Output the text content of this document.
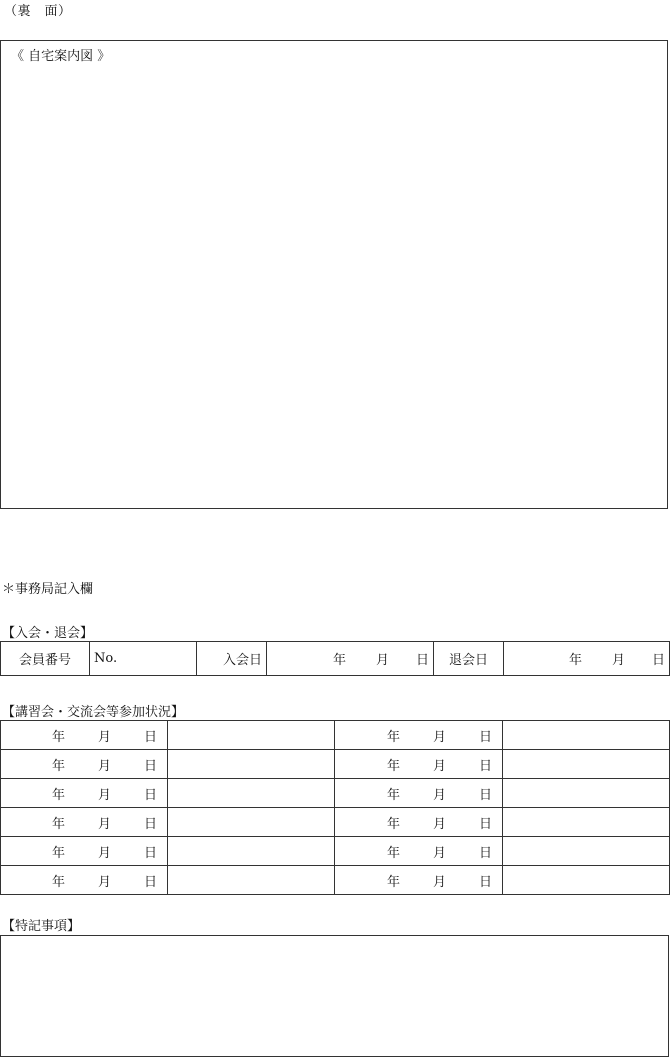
（裏　面）
《 自宅案内図 》
＊事務局記入欄
【入会・退会】
会員番号	No.	入会日	年 月 日	退会日	年 月 日
【講習会・交流会等参加状況】
年 月 日		年 月 日	

年 月 日		年 月 日	

年 月 日		年 月 日	

年 月 日		年 月 日	

年 月 日		年 月 日	

年 月 日		年 月 日	

【特記事項】
